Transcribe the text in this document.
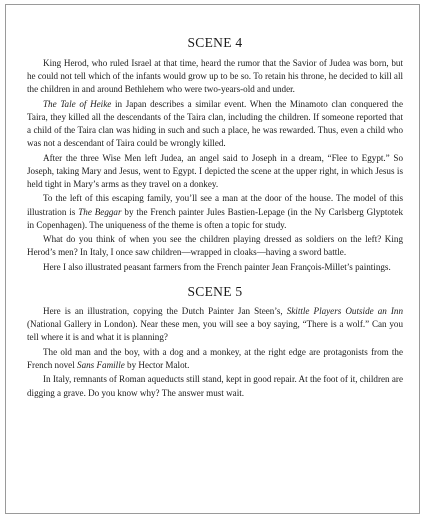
SCENE 4

King Herod, who ruled Israel at that time, heard the rumor that the Savior of Judea was born, but he could not tell which of the infants would grow up to be so. To retain his throne, he decided to kill all the children in and around Bethlehem who were two-years-old and under.

The Tale of Heike in Japan describes a similar event. When the Minamoto clan conquered the Taira, they killed all the descendants of the Taira clan, including the children. If someone reported that a child of the Taira clan was hiding in such and such a place, he was rewarded. Thus, even a child who was not a descendant of Taira could be wrongly killed.

After the three Wise Men left Judea, an angel said to Joseph in a dream, “Flee to Egypt.” So Joseph, taking Mary and Jesus, went to Egypt. I depicted the scene at the upper right, in which Jesus is held tight in Mary’s arms as they travel on a donkey.

To the left of this escaping family, you’ll see a man at the door of the house. The model of this illustration is The Beggar by the French painter Jules Bastien-Lepage (in the Ny Carlsberg Glyptotek in Copenhagen). The uniqueness of the theme is often a topic for study.

What do you think of when you see the children playing dressed as soldiers on the left? King Herod’s men? In Italy, I once saw children—wrapped in cloaks—having a sword battle.

Here I also illustrated peasant farmers from the French painter Jean François-Millet’s paintings.

SCENE 5

Here is an illustration, copying the Dutch Painter Jan Steen’s, Skittle Players Outside an Inn (National Gallery in London). Near these men, you will see a boy saying, “There is a wolf.” Can you tell where it is and what it is planning?

The old man and the boy, with a dog and a monkey, at the right edge are protagonists from the French novel Sans Famille by Hector Malot.

In Italy, remnants of Roman aqueducts still stand, kept in good repair. At the foot of it, children are digging a grave. Do you know why? The answer must wait.
